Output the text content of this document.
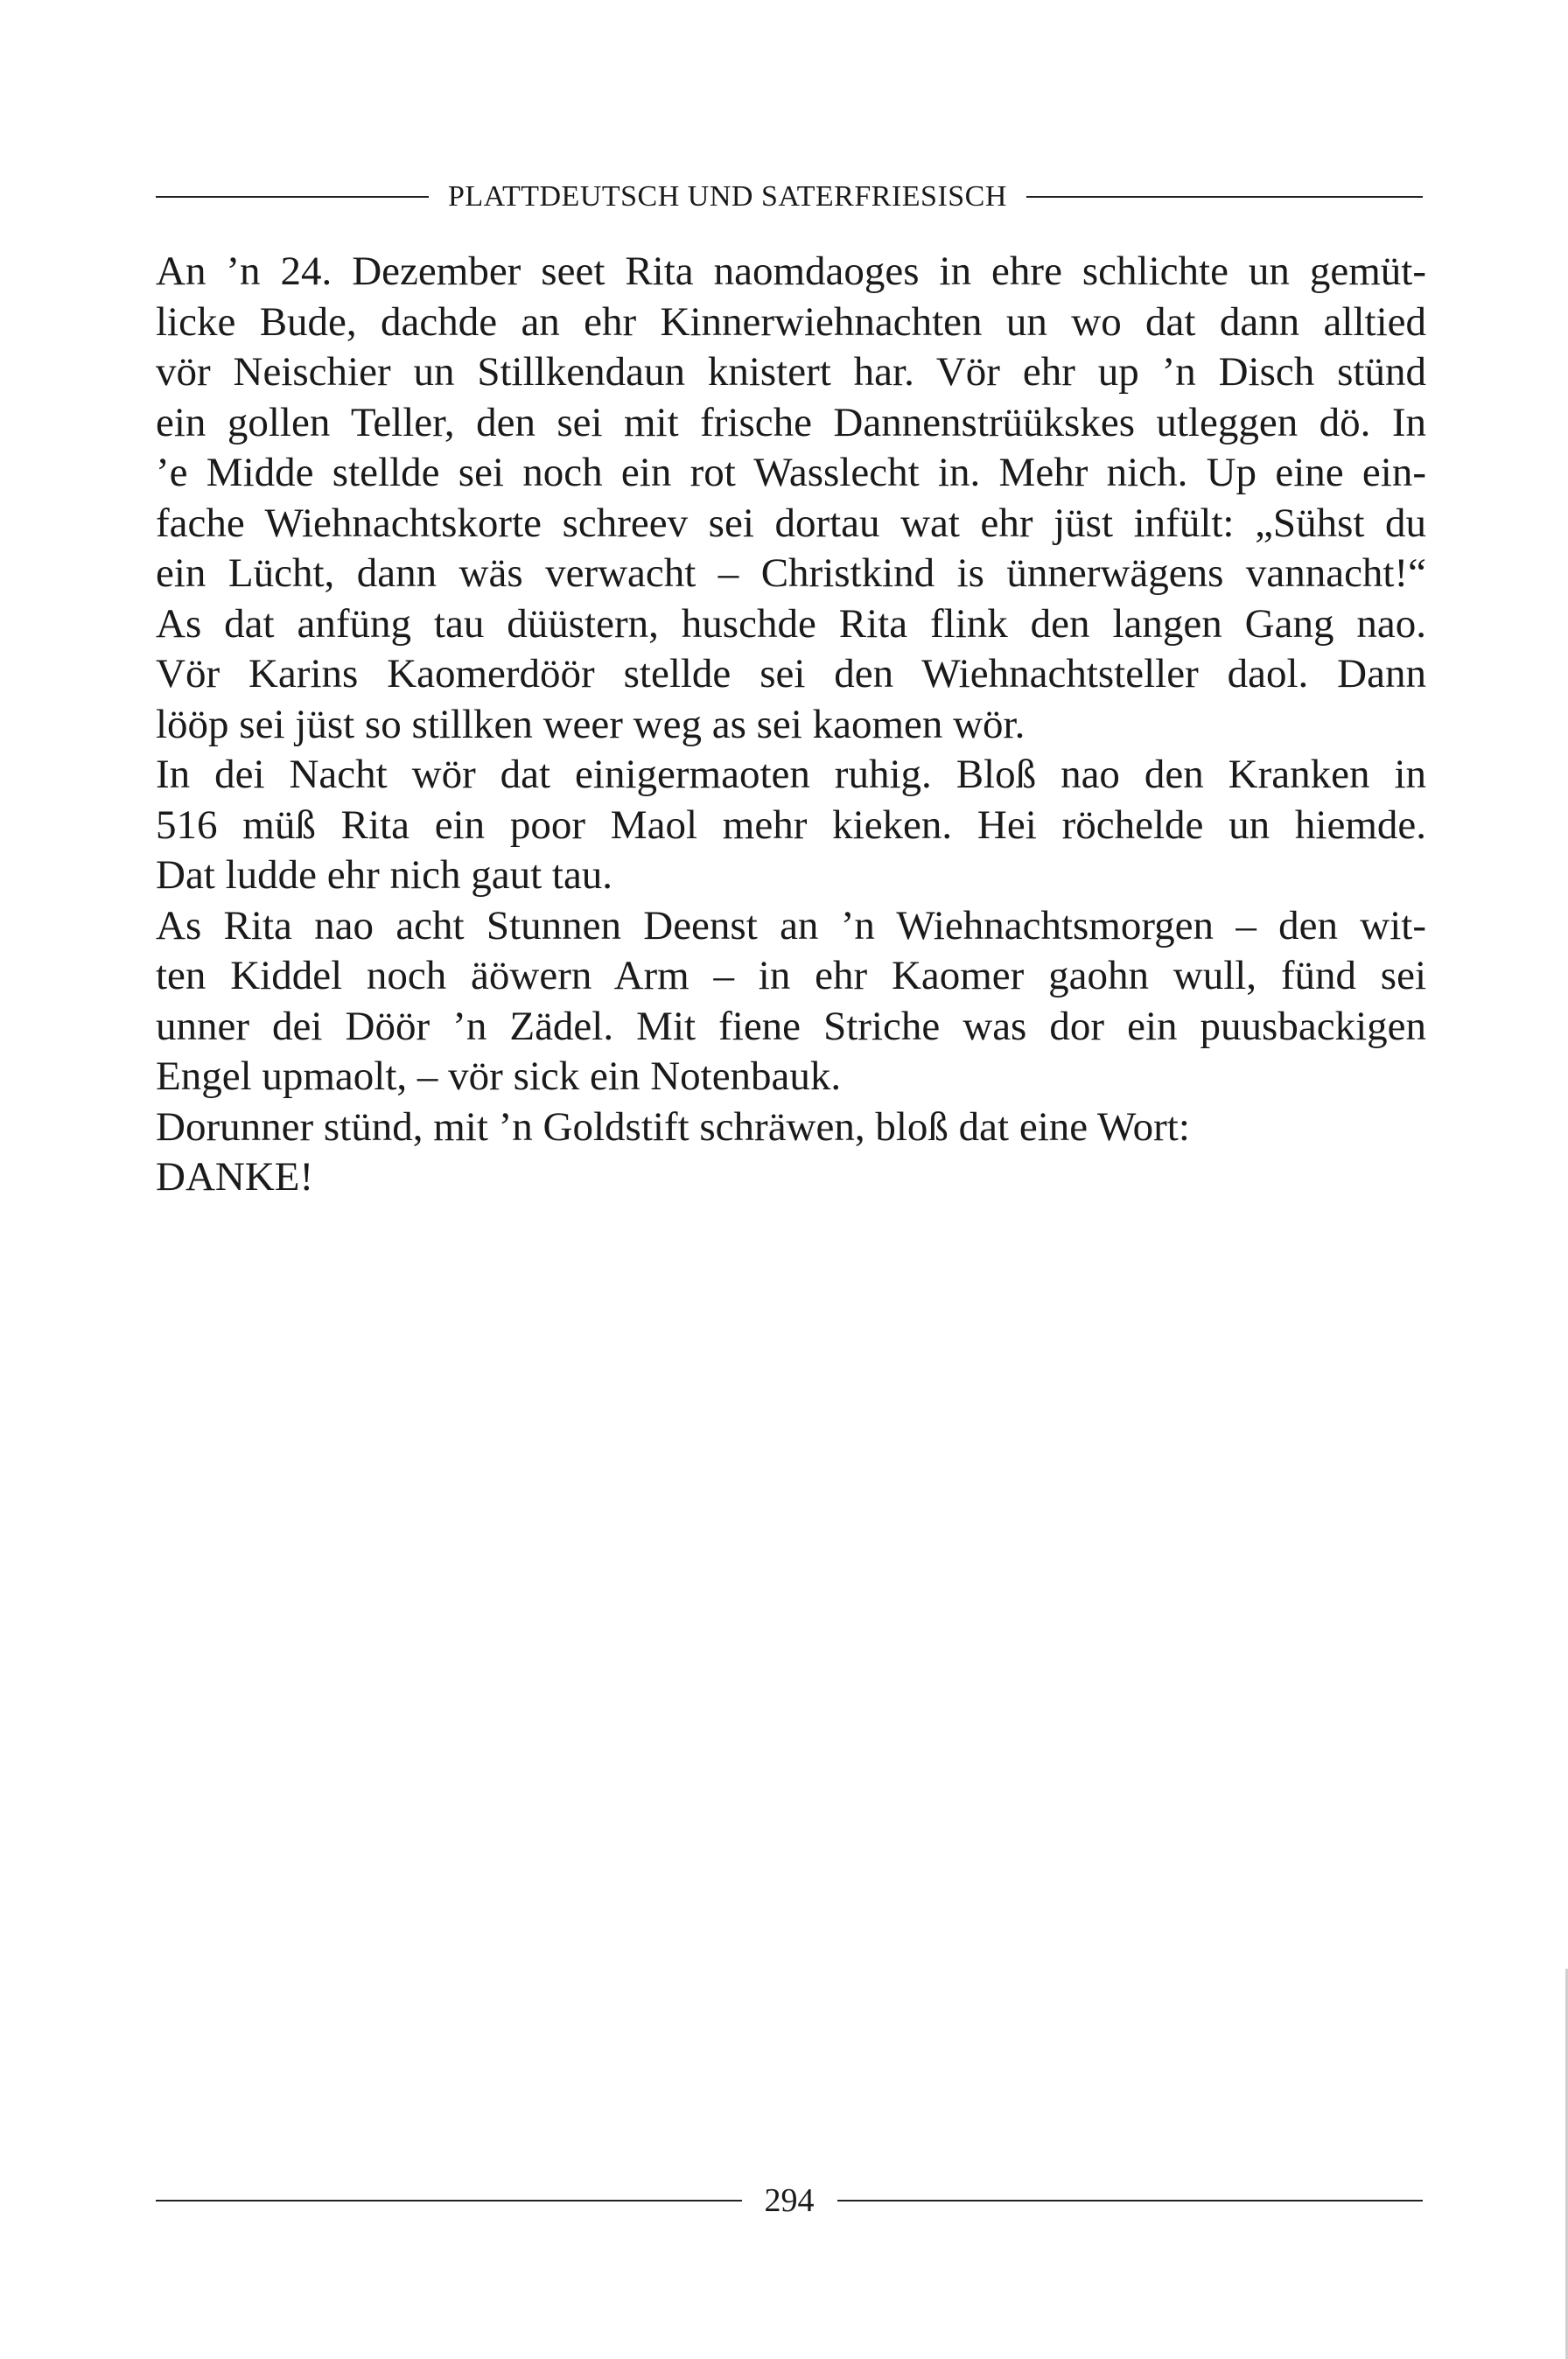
PLATTDEUTSCH UND SATERFRIESISCH
An ’n 24. Dezember seet Rita naomdaoges in ehre schlichte un gemüt-
licke Bude, dachde an ehr Kinnerwiehnachten un wo dat dann alltied
vör Neischier un Stillkendaun knistert har. Vör ehr up ’n Disch stünd
ein gollen Teller, den sei mit frische Dannenstrüükskes utleggen dö. In
’e Midde stellde sei noch ein rot Wasslecht in. Mehr nich. Up eine ein-
fache Wiehnachtskorte schreev sei dortau wat ehr jüst infült: „Sühst du
ein Lücht, dann wäs verwacht – Christkind is ünnerwägens vannacht!“
As dat anfüng tau düüstern, huschde Rita flink den langen Gang nao.
Vör Karins Kaomerdöör stellde sei den Wiehnachtsteller daol. Dann
lööp sei jüst so stillken weer weg as sei kaomen wör.
In dei Nacht wör dat einigermaoten ruhig. Bloß nao den Kranken in
516 müß Rita ein poor Maol mehr kieken. Hei röchelde un hiemde.
Dat ludde ehr nich gaut tau.
As Rita nao acht Stunnen Deenst an ’n Wiehnachtsmorgen – den wit-
ten Kiddel noch äöwern Arm – in ehr Kaomer gaohn wull, fünd sei
unner dei Döör ’n Zädel. Mit fiene Striche was dor ein puusbackigen
Engel upmaolt, – vör sick ein Notenbauk.
Dorunner stünd, mit ’n Goldstift schräwen, bloß dat eine Wort:
DANKE!
294
